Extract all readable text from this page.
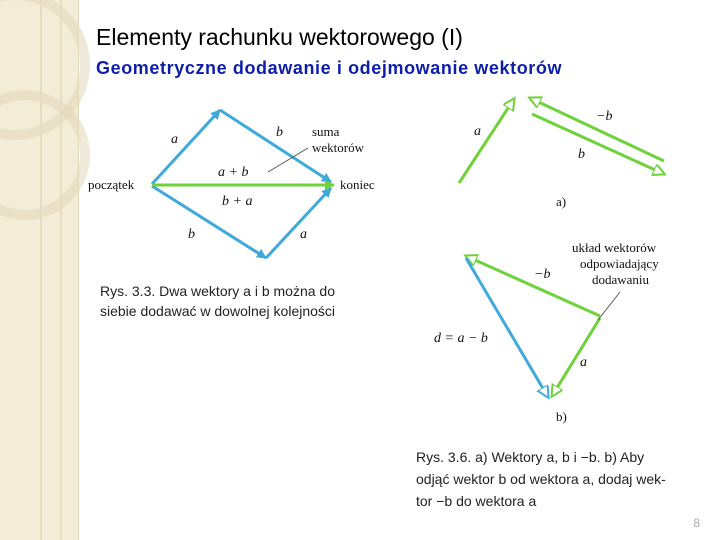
Elementy rachunku wektorowego (I)
Geometryczne dodawanie i odejmowanie wektorów
początek	koniec
suma
wektorów
a	b
b	a
a + b
b + a
Rys. 3.3. Dwa wektory a i b można do
siebie dodawać w dowolnej kolejności
a
−b
b
a)
układ wektorów
odpowiadający
dodawaniu
−b
d = a − b
a
b)
Rys. 3.6. a) Wektory a, b i −b. b) Aby
odjąć wektor b od wektora a, dodaj wek-
tor −b do wektora a
8
